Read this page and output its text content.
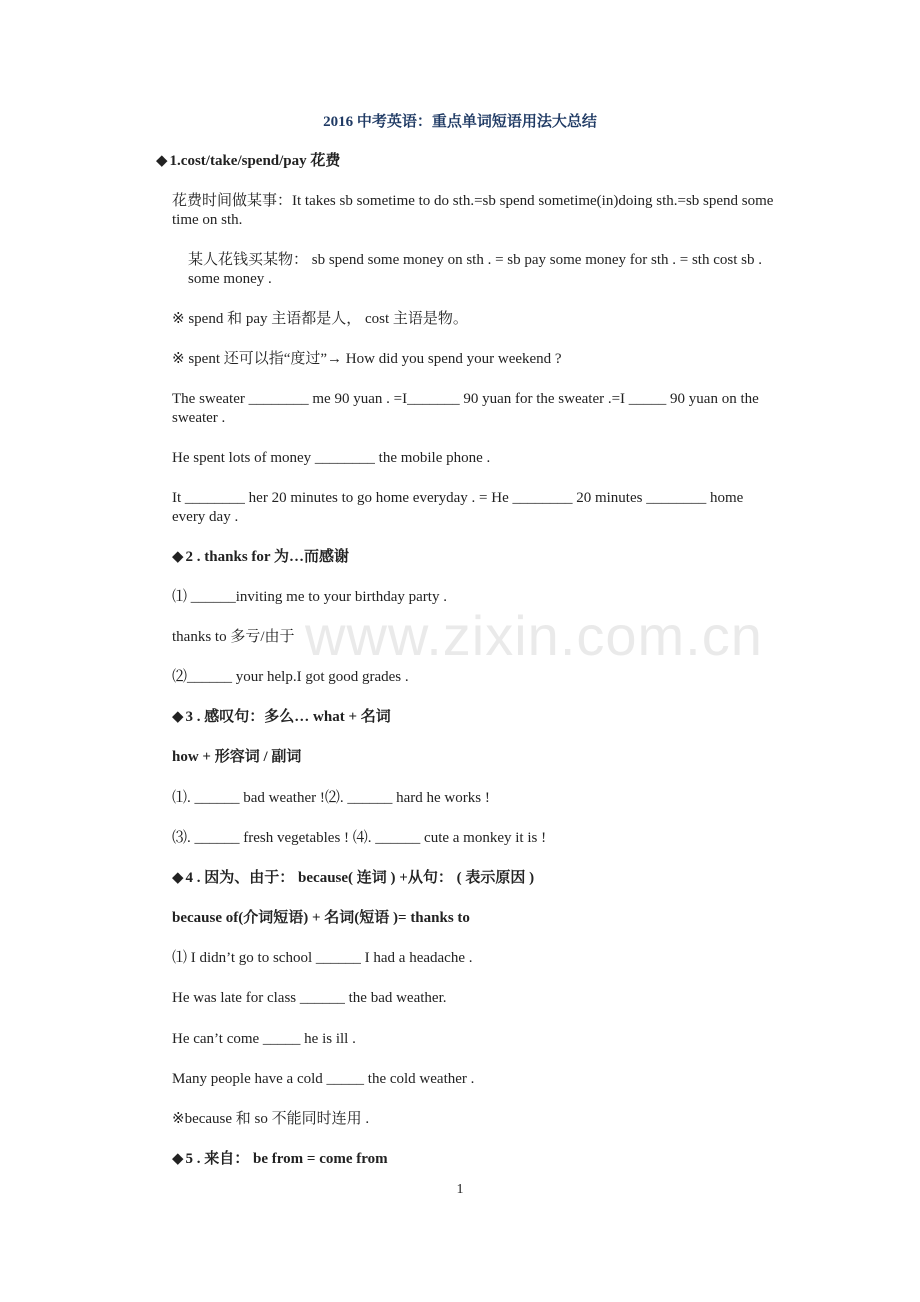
2016 中考英语：重点单词短语用法大总结
◆ 1.cost/take/spend/pay 花费
花费时间做某事：It takes sb sometime to do sth.=sb spend sometime(in)doing sth.=sb spend some time on sth.
某人花钱买某物： sb spend some money on sth . = sb pay some money for sth . = sth cost sb . some money .
※ spend 和 pay 主语都是人， cost 主语是物。
※ spent 还可以指“度过”→ How did you spend your weekend ?
The sweater ________ me 90 yuan . =I_______ 90 yuan for the sweater .=I _____ 90 yuan on the sweater .
He spent lots of money ________ the mobile phone .
It ________ her 20 minutes to go home everyday . = He ________ 20 minutes ________ home every day .
◆ 2 . thanks for 为…而感谢
⑴ ______inviting me to your birthday party .
thanks to 多亏/由于
⑵______ your help.I got good grades .
◆ 3 . 感叹句：多么… what + 名词
how + 形容词 / 副词
⑴. ______ bad weather !⑵. ______ hard he works !
⑶. ______ fresh vegetables ! ⑷. ______ cute a monkey it is !
◆ 4 . 因为、由于： because( 连词 ) +从句： ( 表示原因 )
because of(介词短语) + 名词(短语 )= thanks to
⑴ I didn’t go to school ______ I had a headache .
He was late for class ______ the bad weather.
He can’t come _____ he is ill .
Many people have a cold _____ the cold weather .
※because 和 so 不能同时连用 .
◆ 5 . 来自： be from = come from
www.zixin.com.cn
1
